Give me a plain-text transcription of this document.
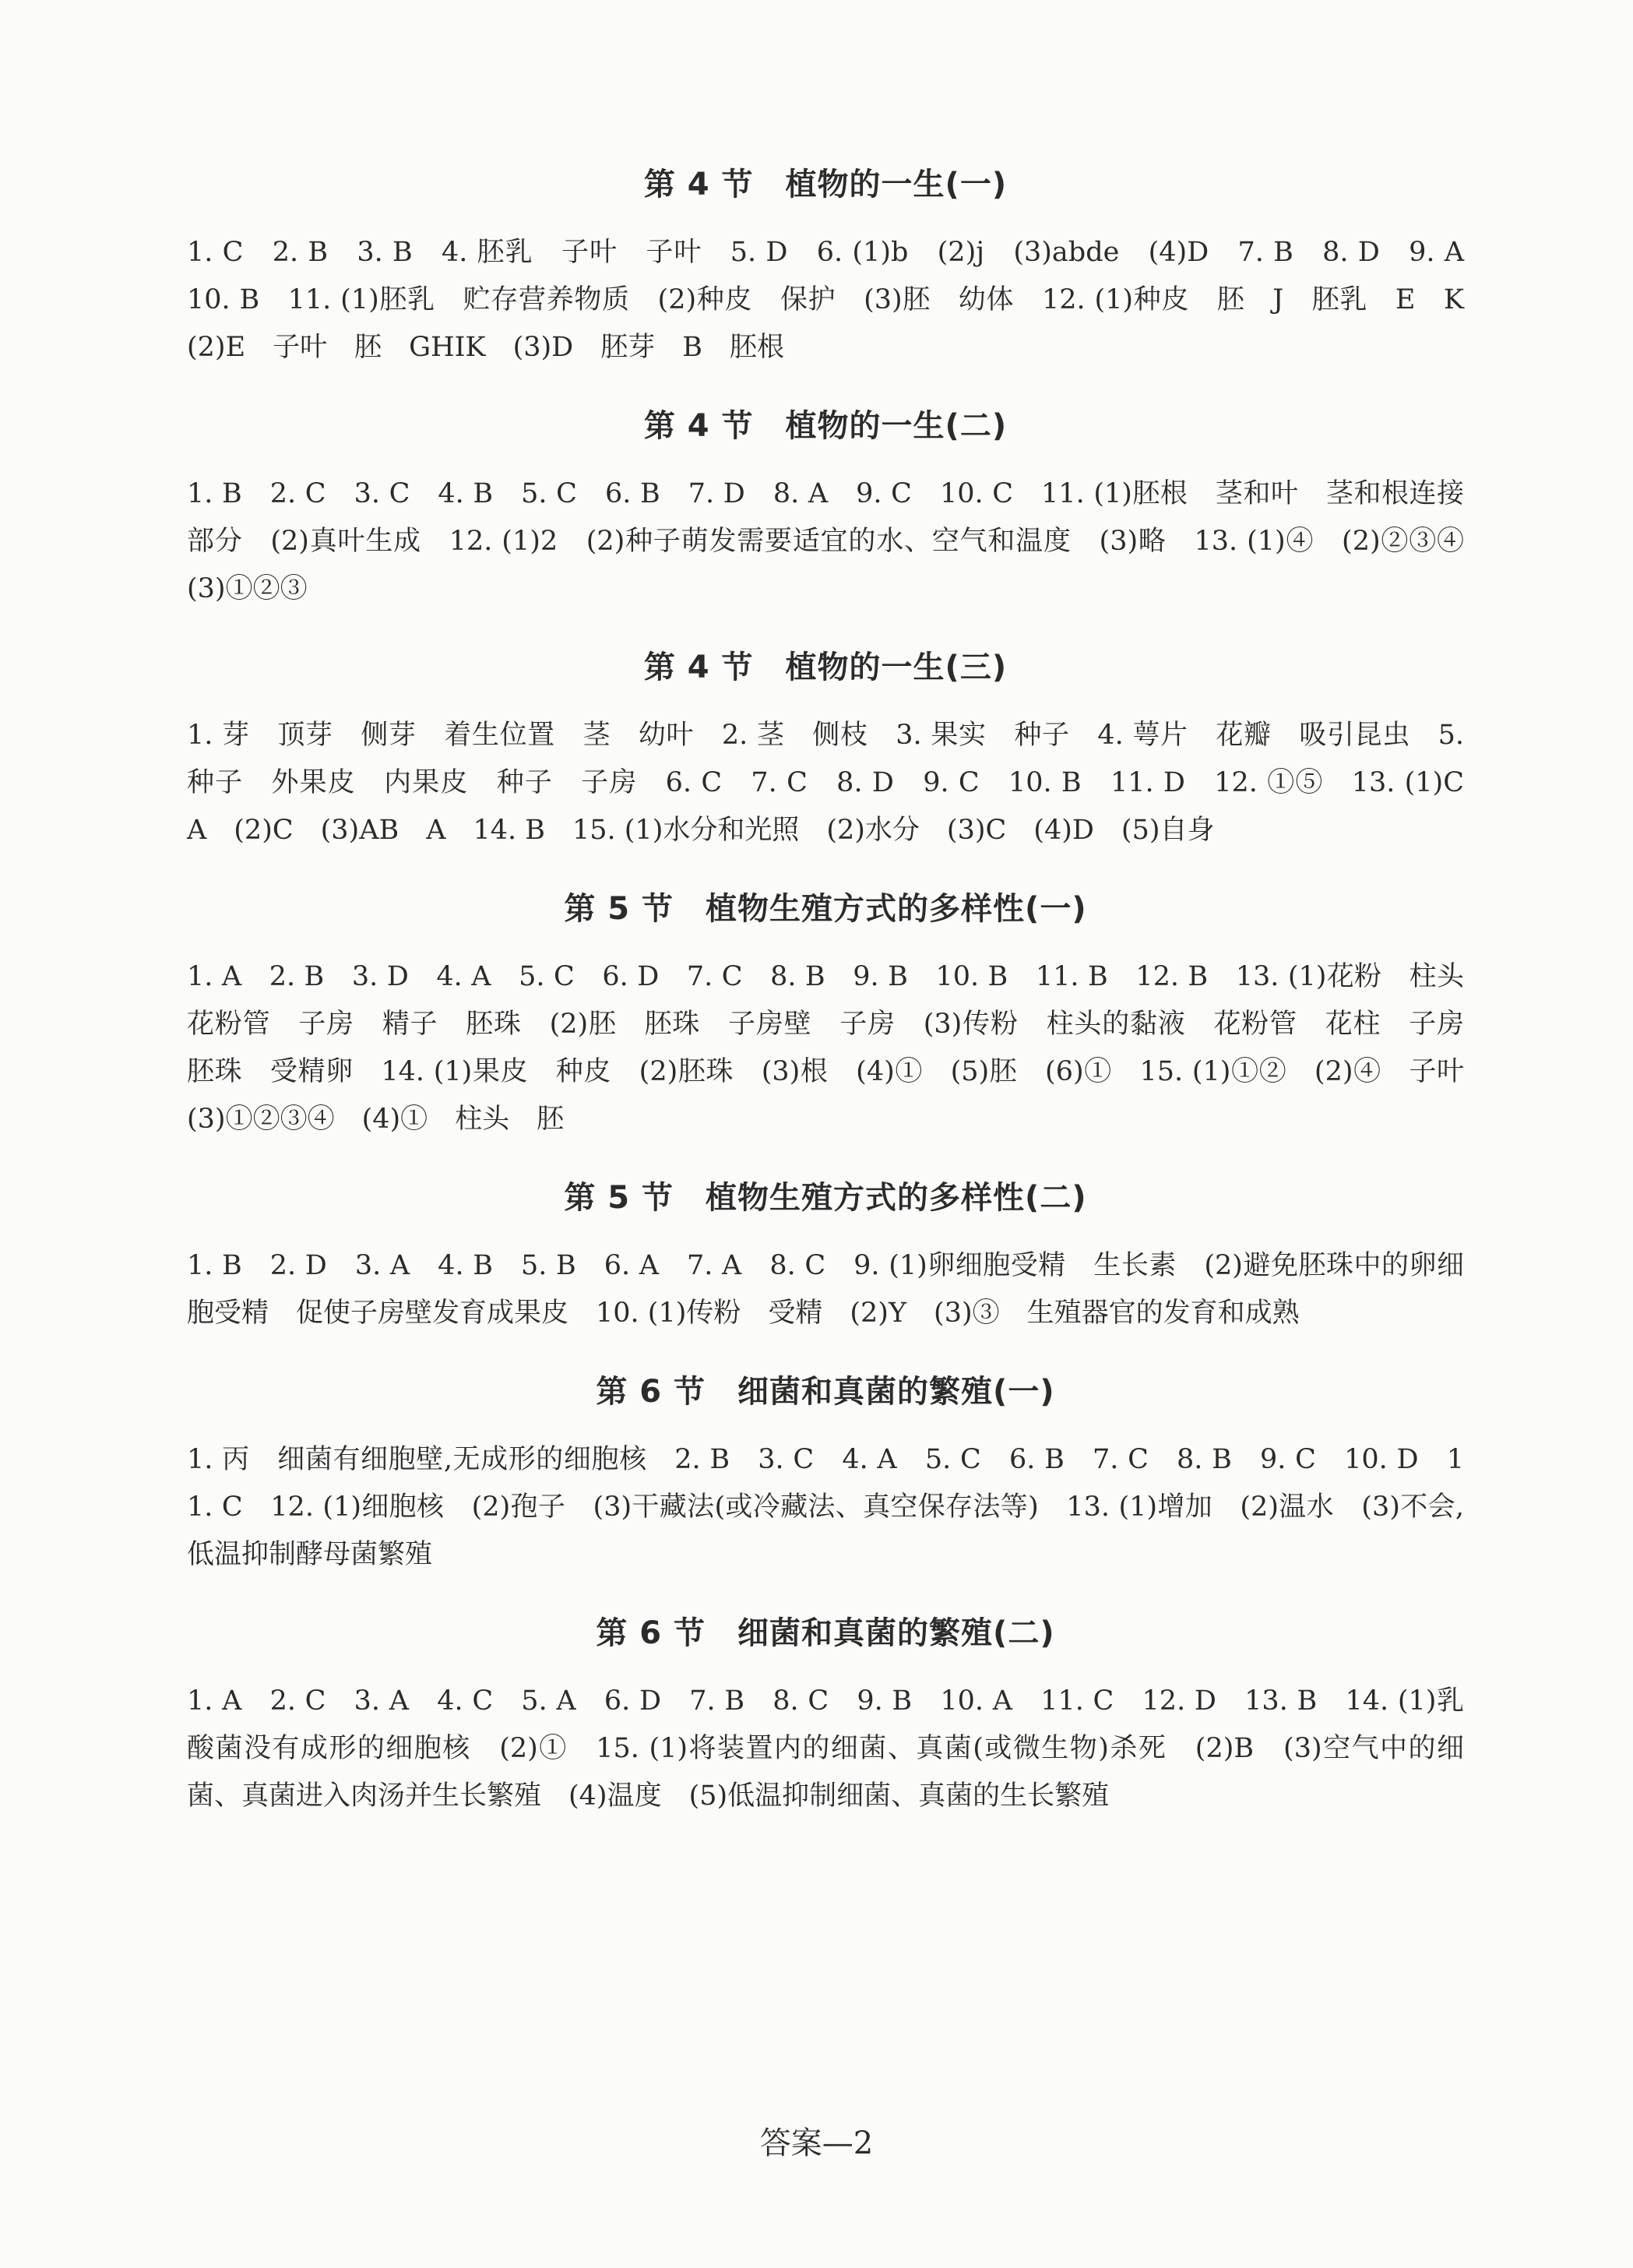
第 4 节　植物的一生(一)

1. C　2. B　3. B　4. 胚乳　子叶　子叶　5. D　6. (1)b　(2)j　(3)abde　(4)D　7. B　8. D　9. A　10. B　11. (1)胚乳　贮存营养物质　(2)种皮　保护　(3)胚　幼体　12. (1)种皮　胚　J　胚乳　E　K　(2)E　子叶　胚　GHIK　(3)D　胚芽　B　胚根

第 4 节　植物的一生(二)

1. B　2. C　3. C　4. B　5. C　6. B　7. D　8. A　9. C　10. C　11. (1)胚根　茎和叶　茎和根连接部分　(2)真叶生成　12. (1)2　(2)种子萌发需要适宜的水、空气和温度　(3)略　13. (1)④　(2)②③④　(3)①②③

第 4 节　植物的一生(三)

1. 芽　顶芽　侧芽　着生位置　茎　幼叶　2. 茎　侧枝　3. 果实　种子　4. 萼片　花瓣　吸引昆虫　5. 种子　外果皮　内果皮　种子　子房　6. C　7. C　8. D　9. C　10. B　11. D　12. ①⑤　13. (1)C　A　(2)C　(3)AB　A　14. B　15. (1)水分和光照　(2)水分　(3)C　(4)D　(5)自身

第 5 节　植物生殖方式的多样性(一)

1. A　2. B　3. D　4. A　5. C　6. D　7. C　8. B　9. B　10. B　11. B　12. B　13. (1)花粉　柱头　花粉管　子房　精子　胚珠　(2)胚　胚珠　子房壁　子房　(3)传粉　柱头的黏液　花粉管　花柱　子房　胚珠　受精卵　14. (1)果皮　种皮　(2)胚珠　(3)根　(4)①　(5)胚　(6)①　15. (1)①②　(2)④　子叶　(3)①②③④　(4)①　柱头　胚

第 5 节　植物生殖方式的多样性(二)

1. B　2. D　3. A　4. B　5. B　6. A　7. A　8. C　9. (1)卵细胞受精　生长素　(2)避免胚珠中的卵细胞受精　促使子房壁发育成果皮　10. (1)传粉　受精　(2)Y　(3)③　生殖器官的发育和成熟

第 6 节　细菌和真菌的繁殖(一)

1. 丙　细菌有细胞壁,无成形的细胞核　2. B　3. C　4. A　5. C　6. B　7. C　8. B　9. C　10. D　11. C　12. (1)细胞核　(2)孢子　(3)干藏法(或冷藏法、真空保存法等)　13. (1)增加　(2)温水　(3)不会,低温抑制酵母菌繁殖

第 6 节　细菌和真菌的繁殖(二)

1. A　2. C　3. A　4. C　5. A　6. D　7. B　8. C　9. B　10. A　11. C　12. D　13. B　14. (1)乳酸菌没有成形的细胞核　(2)①　15. (1)将装置内的细菌、真菌(或微生物)杀死　(2)B　(3)空气中的细菌、真菌进入肉汤并生长繁殖　(4)温度　(5)低温抑制细菌、真菌的生长繁殖

答案—2
